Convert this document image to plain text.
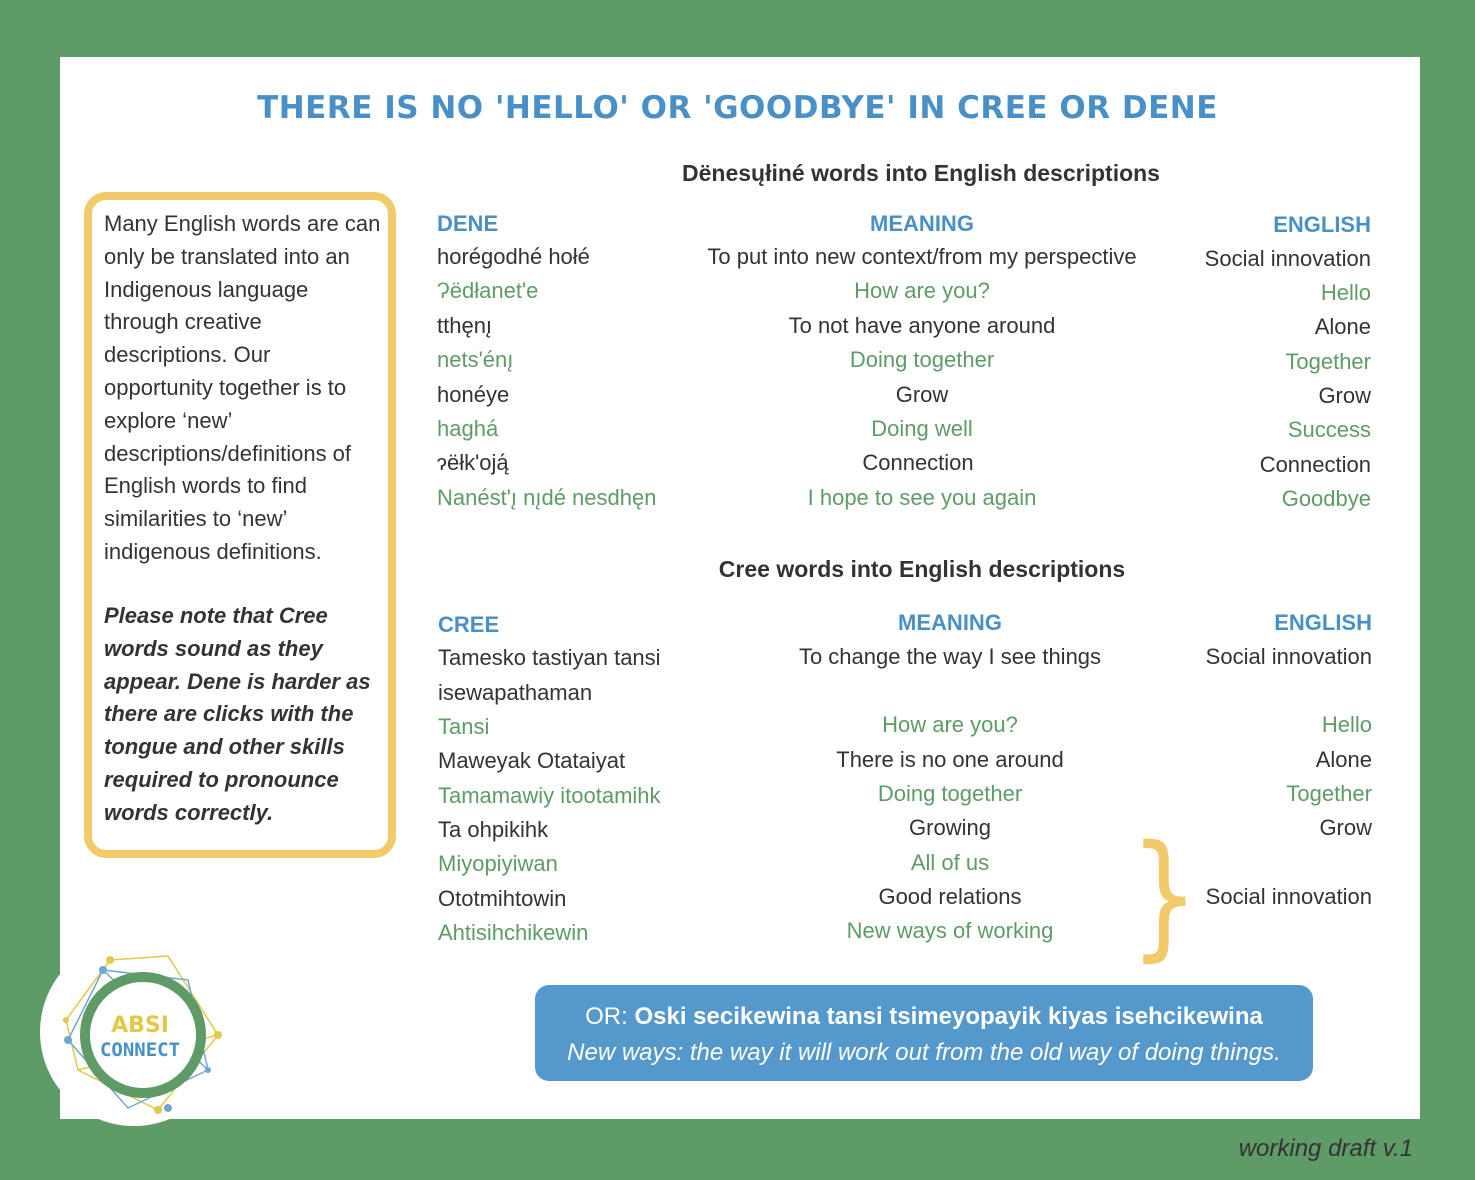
THERE IS NO 'HELLO' OR 'GOODBYE' IN CREE OR DENE
Many English words are can only be translated into an Indigenous language through creative descriptions. Our opportunity together is to explore ‘new’ descriptions/definitions of English words to find similarities to ‘new’ indigenous definitions.
Please note that Cree words sound as they appear. Dene is harder as there are clicks with the tongue and other skills required to pronounce words correctly.
Dënesųłiné words into English descriptions
DENE	MEANING	ENGLISH
horégodhé hołé	To put into new context/from my perspective	Social innovation
Ɂëdłanet'e	How are you?	Hello
tthęnı̨	To not have anyone around	Alone
nets'énı̨	Doing together	Together
honéye	Grow	Grow
haghá	Doing well	Success
ɂëłk'oją́	Connection	Connection
Nanést'ı̨ nı̨dé nesdhęn	I hope to see you again	Goodbye
Cree words into English descriptions
CREE	MEANING	ENGLISH
Tamesko tastiyan tansi
isewapathaman
To change the way I see things	Social innovation
Tansi	How are you?	Hello
Maweyak Otataiyat	There is no one around	Alone
Tamamawiy itootamihk	Doing together	Together
Ta ohpikihk	Growing	Grow
Miyopiyiwan	All of us
Ototmihtowin	Good relations	Social innovation
Ahtisihchikewin	New ways of working }
OR: Oski secikewina tansi tsimeyopayik kiyas isehcikewina
New ways: the way it will work out from the old way of doing things.
ABSI
CONNECT
working draft v.1
